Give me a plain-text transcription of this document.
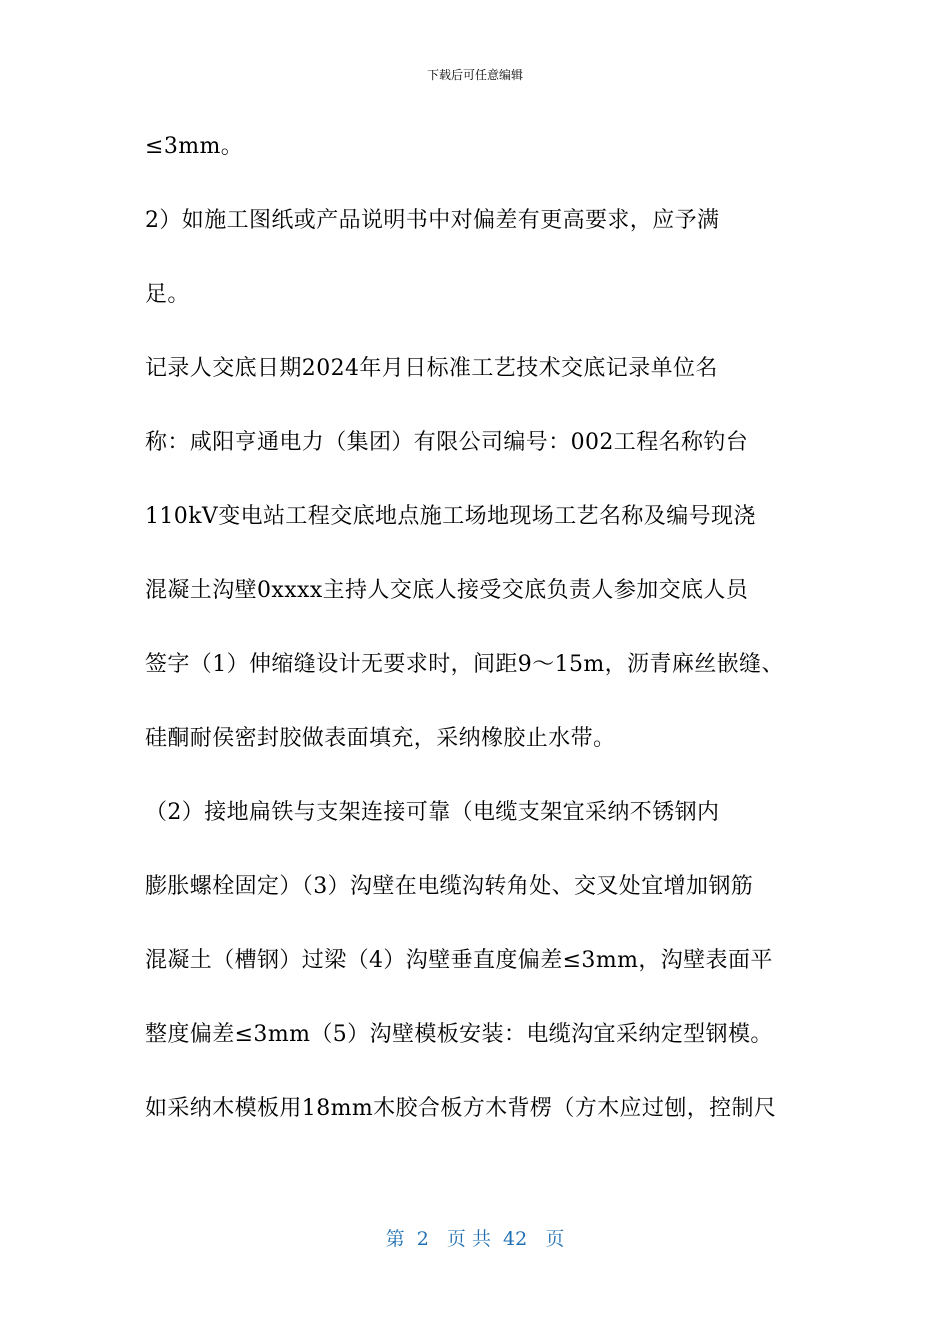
下载后可任意编辑
≤3mm。
2）如施工图纸或产品说明书中对偏差有更高要求，应予满
足。
记录人交底日期2024年月日标准工艺技术交底记录单位名
称：咸阳亨通电力（集团）有限公司编号：002工程名称钓台
110kV变电站工程交底地点施工场地现场工艺名称及编号现浇
混凝土沟壁0xxxx主持人交底人接受交底负责人参加交底人员
签字（1）伸缩缝设计无要求时，间距9～15m，沥青麻丝嵌缝、
硅酮耐侯密封胶做表面填充，采纳橡胶止水带。
（2）接地扁铁与支架连接可靠（电缆支架宜采纳不锈钢内
膨胀螺栓固定）（3）沟壁在电缆沟转角处、交叉处宜增加钢筋
混凝土（槽钢）过梁（4）沟壁垂直度偏差≤3mm，沟壁表面平
整度偏差≤3mm（5）沟壁模板安装：电缆沟宜采纳定型钢模。
如采纳木模板用18mm木胶合板方木背楞（方木应过刨，控制尺
第  2   页 共  42   页
